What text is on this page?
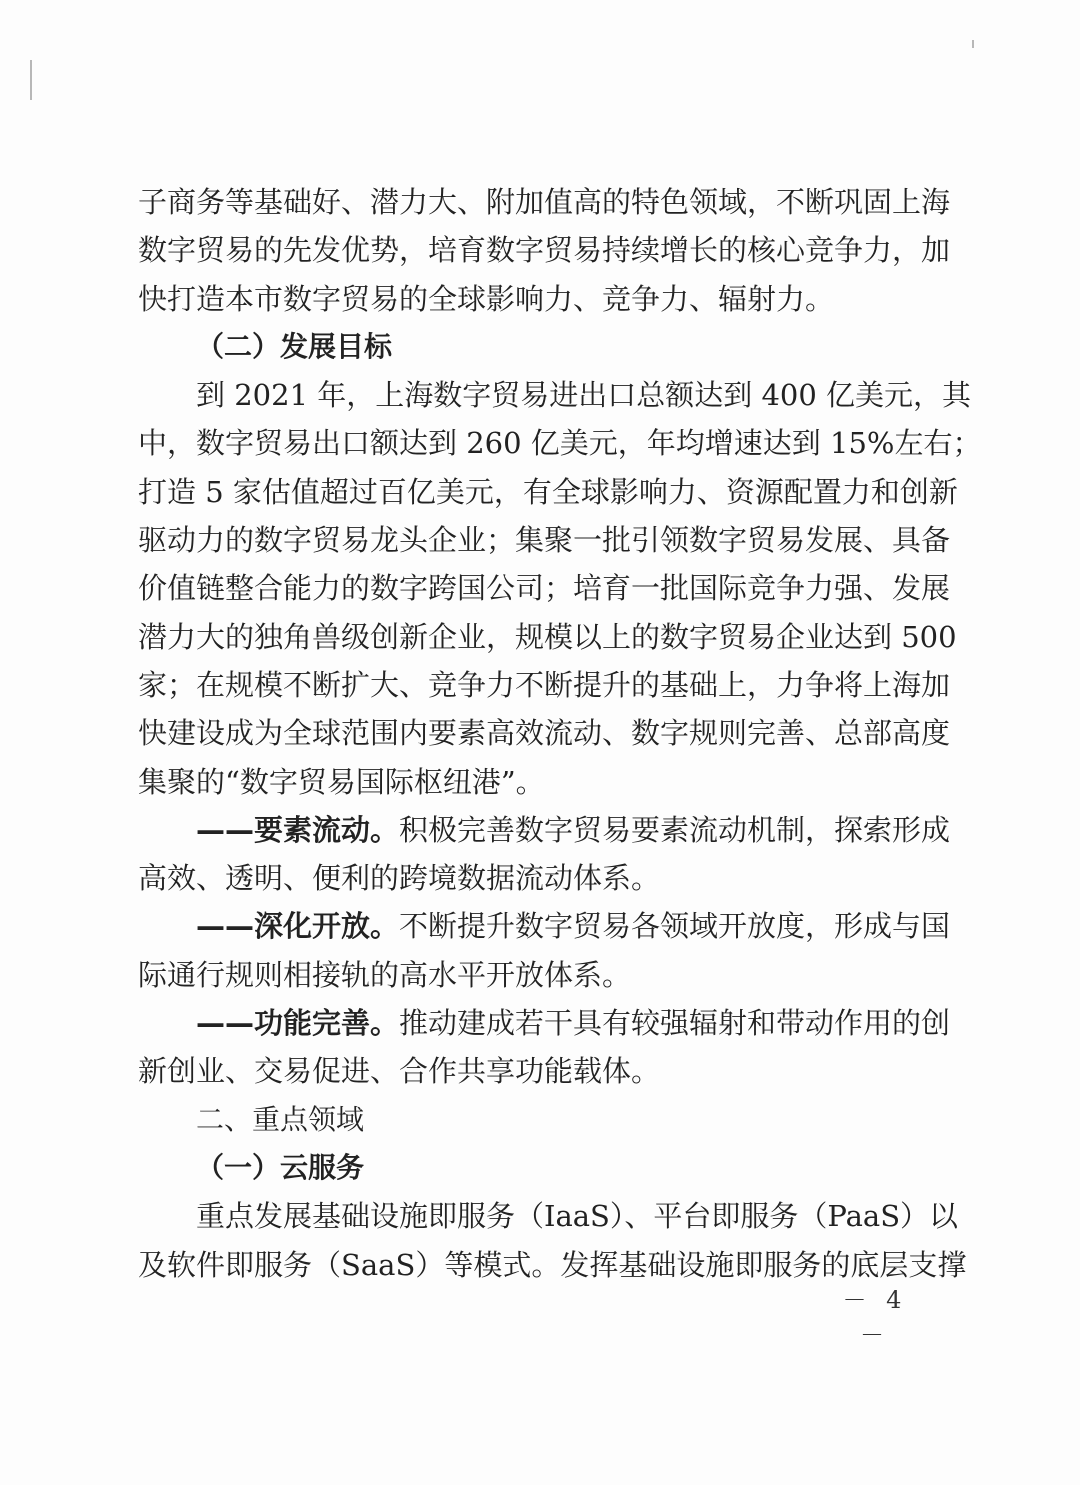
子商务等基础好、潜力大、附加值高的特色领域，不断巩固上海
数字贸易的先发优势，培育数字贸易持续增长的核心竞争力，加
快打造本市数字贸易的全球影响力、竞争力、辐射力。
（二）发展目标
到 2021 年，上海数字贸易进出口总额达到 400 亿美元，其
中，数字贸易出口额达到 260 亿美元，年均增速达到 15%左右；
打造 5 家估值超过百亿美元，有全球影响力、资源配置力和创新
驱动力的数字贸易龙头企业；集聚一批引领数字贸易发展、具备
价值链整合能力的数字跨国公司；培育一批国际竞争力强、发展
潜力大的独角兽级创新企业，规模以上的数字贸易企业达到 500
家；在规模不断扩大、竞争力不断提升的基础上，力争将上海加
快建设成为全球范围内要素高效流动、数字规则完善、总部高度
集聚的“数字贸易国际枢纽港”。
——要素流动。积极完善数字贸易要素流动机制，探索形成
高效、透明、便利的跨境数据流动体系。
——深化开放。不断提升数字贸易各领域开放度，形成与国
际通行规则相接轨的高水平开放体系。
——功能完善。推动建成若干具有较强辐射和带动作用的创
新创业、交易促进、合作共享功能载体。
二、重点领域
（一）云服务
重点发展基础设施即服务（IaaS）、平台即服务（PaaS）以
及软件即服务（SaaS）等模式。发挥基础设施即服务的底层支撑
－ 4 －
